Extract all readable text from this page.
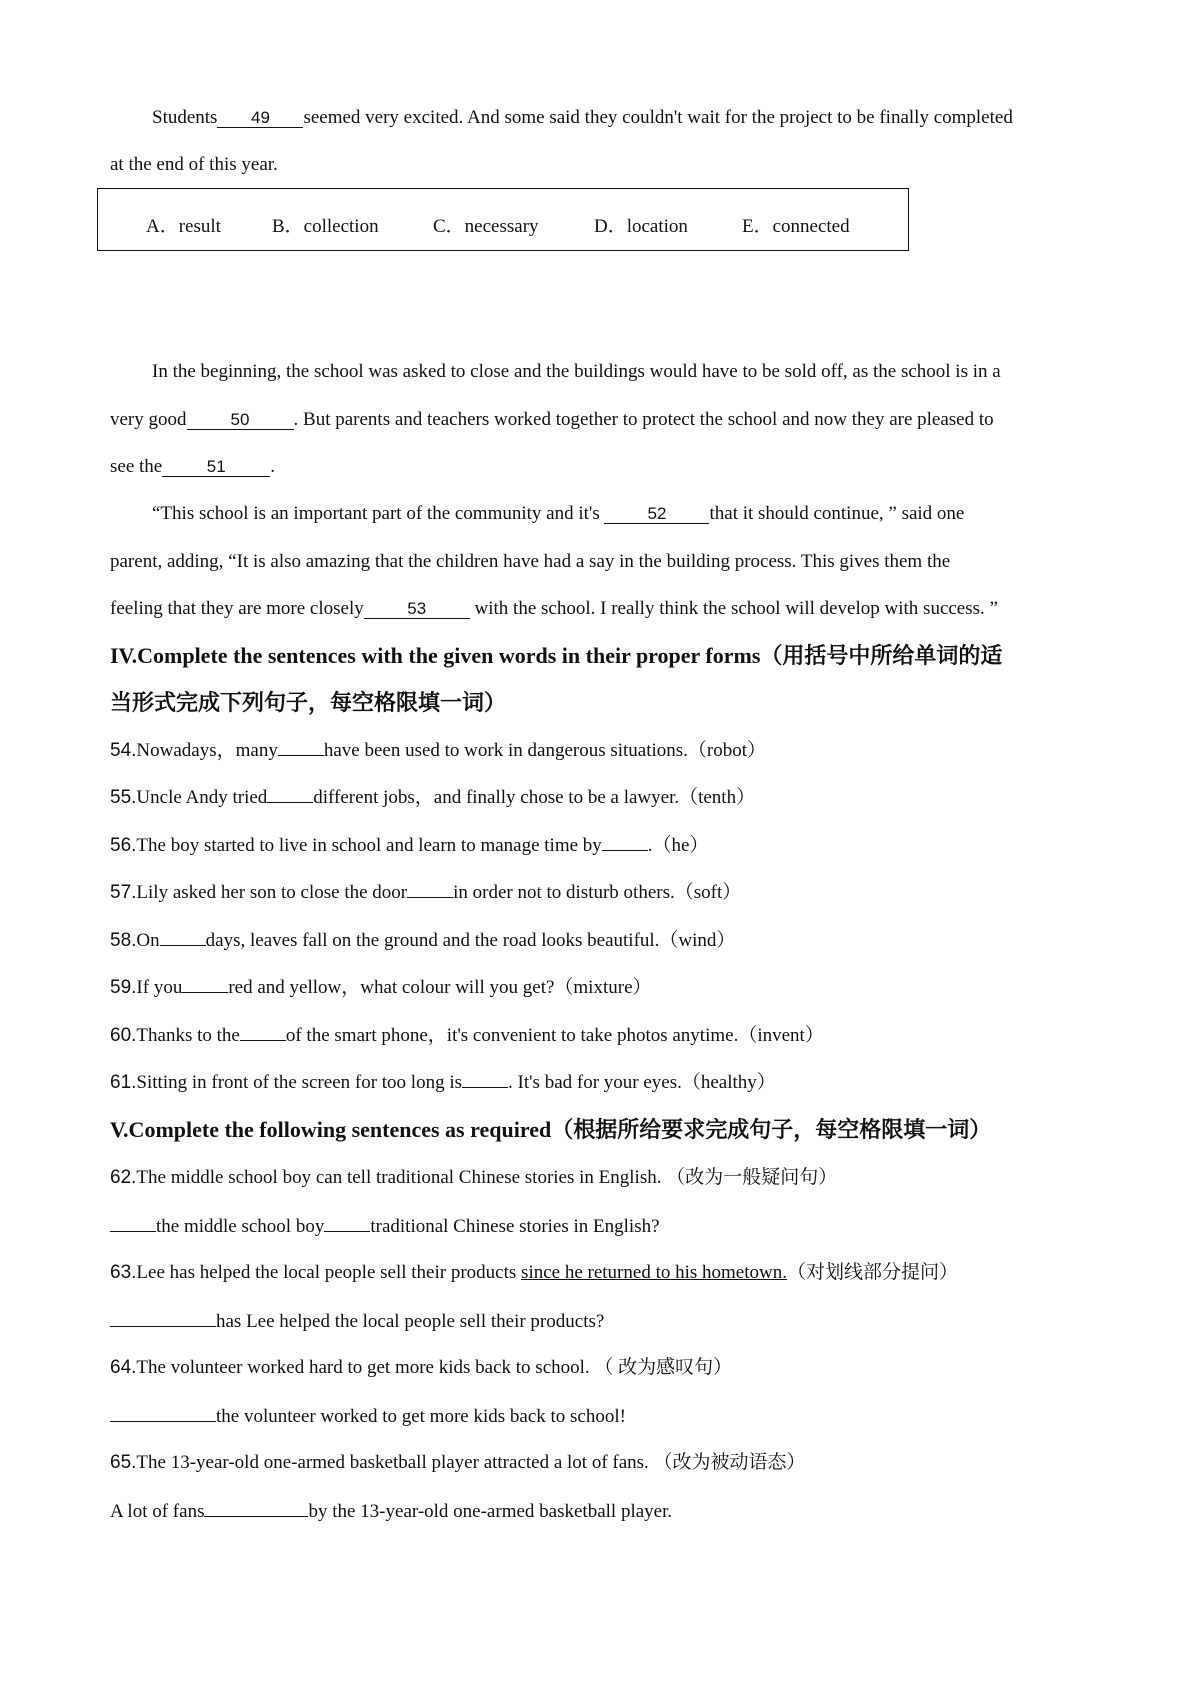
Students 49 seemed very excited. And some said they couldn't wait for the project to be finally completed
at the end of this year.
A．result	B．collection	C．necessary	D．location	E．connected
In the beginning, the school was asked to close and the buildings would have to be sold off, as the school is in a
very good	50 . But parents and teachers worked together to protect the school and now they are pleased to
see the	51 .
“This school is an important part of the community and it's	52 that it should continue, ” said one
parent, adding, “It is also amazing that the children have had a say in the building process. This gives them the
feeling that they are more closely	53 with the school. I really think the school will develop with success. ”
IV.Complete the sentences with the given words in their proper forms（用括号中所给单词的适
当形式完成下列句子，每空格限填一词）
54.Nowadays，many have been used to work in dangerous situations.（robot）
55.Uncle Andy tried different jobs，and finally chose to be a lawyer.（tenth）
56.The boy started to live in school and learn to manage time by .（he）
57.Lily asked her son to close the door in order not to disturb others.（soft）
58.On days, leaves fall on the ground and the road looks beautiful.（wind）
59.If you red and yellow，what colour will you get?（mixture）
60.Thanks to the of the smart phone，it's convenient to take photos anytime.（invent）
61.Sitting in front of the screen for too long is . It's bad for your eyes.（healthy）
V.Complete the following sentences as required（根据所给要求完成句子，每空格限填一词）
62.The middle school boy can tell traditional Chinese stories in English. （改为一般疑问句）
the middle school boy traditional Chinese stories in English?
63.Lee has helped the local people sell their products since he returned to his hometown.（对划线部分提问）
has Lee helped the local people sell their products?
64.The volunteer worked hard to get more kids back to school. （ 改为感叹句）
the volunteer worked to get more kids back to school!
65.The 13-year-old one-armed basketball player attracted a lot of fans. （改为被动语态）
A lot of fans	by the 13-year-old one-armed basketball player.
